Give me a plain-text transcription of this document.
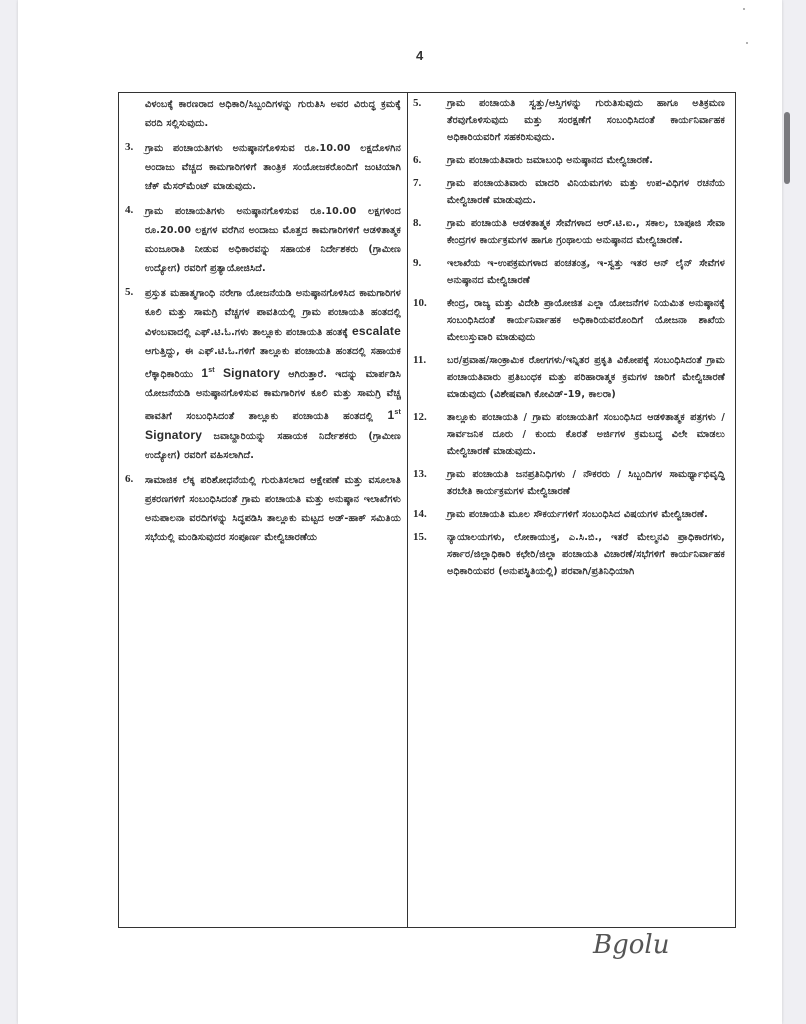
4
ವಿಳಂಬಕ್ಕೆ ಕಾರಣರಾದ ಅಧಿಕಾರಿ/ಸಿಬ್ಬಂದಿಗಳನ್ನು ಗುರುತಿಸಿ ಅವರ ವಿರುದ್ಧ ಕ್ರಮಕ್ಕೆ ವರದಿ ಸಲ್ಲಿಸುವುದು.
3.	ಗ್ರಾಮ ಪಂಚಾಯತಿಗಳು ಅನುಷ್ಠಾನಗೊಳಿಸುವ ರೂ.10.00 ಲಕ್ಷದೊಳಗಿನ ಅಂದಾಜು ವೆಚ್ಚದ ಕಾಮಗಾರಿಗಳಿಗೆ ತಾಂತ್ರಿಕ ಸಂಯೋಜಕರೊಂದಿಗೆ ಜಂಟಿಯಾಗಿ ಚೆಕ್ ಮೆಸರ್‌ಮೆಂಟ್ ಮಾಡುವುದು.
4.	ಗ್ರಾಮ ಪಂಚಾಯತಿಗಳು ಅನುಷ್ಠಾನಗೊಳಿಸುವ ರೂ.10.00 ಲಕ್ಷಗಳಿಂದ ರೂ.20.00 ಲಕ್ಷಗಳ ವರೆಗಿನ ಅಂದಾಜು ಮೊತ್ತದ ಕಾಮಗಾರಿಗಳಿಗೆ ಆಡಳಿತಾತ್ಮಕ ಮಂಜೂರಾತಿ ನೀಡುವ ಅಧಿಕಾರವನ್ನು ಸಹಾಯಕ ನಿರ್ದೇಶಕರು (ಗ್ರಾಮೀಣ ಉದ್ಯೋಗ) ರವರಿಗೆ ಪ್ರತ್ಯಾಯೋಜಿಸಿದೆ.
5.	ಪ್ರಸ್ತುತ ಮಹಾತ್ಮಗಾಂಧಿ ನರೇಗಾ ಯೋಜನೆಯಡಿ ಅನುಷ್ಠಾನಗೊಳಿಸಿದ ಕಾಮಗಾರಿಗಳ ಕೂಲಿ ಮತ್ತು ಸಾಮಗ್ರಿ ವೆಚ್ಚಗಳ ಪಾವತಿಯಲ್ಲಿ ಗ್ರಾಮ ಪಂಚಾಯತಿ ಹಂತದಲ್ಲಿ ವಿಳಂಬವಾದಲ್ಲಿ ಎಫ್.ಟಿ.ಓ.ಗಳು ತಾಲ್ಲೂಕು ಪಂಚಾಯತಿ ಹಂತಕ್ಕೆ escalate ಆಗುತ್ತಿದ್ದು, ಈ ಎಫ್.ಟಿ.ಓ.ಗಳಿಗೆ ತಾಲ್ಲೂಕು ಪಂಚಾಯತಿ ಹಂತದಲ್ಲಿ ಸಹಾಯಕ ಲೆಕ್ಕಾಧಿಕಾರಿಯು 1st Signatory ಆಗಿರುತ್ತಾರೆ. ಇದನ್ನು ಮಾರ್ಪಡಿಸಿ ಯೋಜನೆಯಡಿ ಅನುಷ್ಠಾನಗೊಳಿಸುವ ಕಾಮಗಾರಿಗಳ ಕೂಲಿ ಮತ್ತು ಸಾಮಗ್ರಿ ವೆಚ್ಚ ಪಾವತಿಗೆ ಸಂಬಂಧಿಸಿದಂತೆ ತಾಲ್ಲೂಕು ಪಂಚಾಯತಿ ಹಂತದಲ್ಲಿ 1st Signatory ಜವಾಬ್ದಾರಿಯನ್ನು ಸಹಾಯಕ ನಿರ್ದೇಶಕರು (ಗ್ರಾಮೀಣ ಉದ್ಯೋಗ) ರವರಿಗೆ ವಹಿಸಲಾಗಿದೆ.
6.	ಸಾಮಾಜಿಕ ಲೆಕ್ಕ ಪರಿಶೋಧನೆಯಲ್ಲಿ ಗುರುತಿಸಲಾದ ಆಕ್ಷೇಪಣೆ ಮತ್ತು ವಸೂಲಾತಿ ಪ್ರಕರಣಗಳಿಗೆ ಸಂಬಂಧಿಸಿದಂತೆ ಗ್ರಾಮ ಪಂಚಾಯತಿ ಮತ್ತು ಅನುಷ್ಠಾನ ಇಲಾಖೆಗಳು ಅನುಪಾಲನಾ ವರದಿಗಳನ್ನು ಸಿದ್ಧಪಡಿಸಿ ತಾಲ್ಲೂಕು ಮಟ್ಟದ ಅಡ್-ಹಾಕ್ ಸಮಿತಿಯ ಸಭೆಯಲ್ಲಿ ಮಂಡಿಸುವುದರ ಸಂಪೂರ್ಣ ಮೇಲ್ವಿಚಾರಣೆಯ
5.	ಗ್ರಾಮ ಪಂಚಾಯತಿ ಸ್ವತ್ತು/ಆಸ್ತಿಗಳನ್ನು ಗುರುತಿಸುವುದು ಹಾಗೂ ಅತಿಕ್ರಮಣ ತೆರವುಗೊಳಿಸುವುದು ಮತ್ತು ಸಂರಕ್ಷಣೆಗೆ ಸಂಬಂಧಿಸಿದಂತೆ ಕಾರ್ಯನಿರ್ವಾಹಕ ಅಧಿಕಾರಿಯವರಿಗೆ ಸಹಕರಿಸುವುದು.
6.	ಗ್ರಾಮ ಪಂಚಾಯತಿವಾರು ಜಮಾಬಂಧಿ ಅನುಷ್ಠಾನದ ಮೇಲ್ವಿಚಾರಣೆ.
7.	ಗ್ರಾಮ ಪಂಚಾಯತಿವಾರು ಮಾದರಿ ವಿನಿಯಮಗಳು ಮತ್ತು ಉಪ-ವಿಧಿಗಳ ರಚನೆಯ ಮೇಲ್ವಿಚಾರಣೆ ಮಾಡುವುದು.
8.	ಗ್ರಾಮ ಪಂಚಾಯತಿ ಆಡಳಿತಾತ್ಮಕ ಸೇವೆಗಳಾದ ಆರ್.ಟಿ.ಐ., ಸಕಾಲ, ಬಾಪೂಜಿ ಸೇವಾ ಕೇಂದ್ರಗಳ ಕಾರ್ಯಕ್ರಮಗಳ ಹಾಗೂ ಗ್ರಂಥಾಲಯ ಅನುಷ್ಠಾನದ ಮೇಲ್ವಿಚಾರಣೆ.
9.	ಇಲಾಖೆಯ ಇ-ಉಪಕ್ರಮಗಳಾದ ಪಂಚತಂತ್ರ, ಇ-ಸ್ವತ್ತು ಇತರ ಆನ್ ಲೈನ್ ಸೇವೆಗಳ ಅನುಷ್ಠಾನದ ಮೇಲ್ವಿಚಾರಣೆ
10.	ಕೇಂದ್ರ, ರಾಜ್ಯ ಮತ್ತು ವಿದೇಶಿ ಪ್ರಾಯೋಜಿತ ಎಲ್ಲಾ ಯೋಜನೆಗಳ ನಿಯಮಿತ ಅನುಷ್ಠಾನಕ್ಕೆ ಸಂಬಂಧಿಸಿದಂತೆ ಕಾರ್ಯನಿರ್ವಾಹಕ ಅಧಿಕಾರಿಯವರೊಂದಿಗೆ ಯೋಜನಾ ಶಾಖೆಯ ಮೇಲುಸ್ತುವಾರಿ ಮಾಡುವುದು
11.	ಬರ/ಪ್ರವಾಹ/ಸಾಂಕ್ರಾಮಿಕ ರೋಗಗಳು/ಇನ್ನಿತರ ಪ್ರಕೃತಿ ವಿಕೋಪಕ್ಕೆ ಸಂಬಂಧಿಸಿದಂತೆ ಗ್ರಾಮ ಪಂಚಾಯತಿವಾರು ಪ್ರತಿಬಂಧಕ ಮತ್ತು ಪರಿಹಾರಾತ್ಮಕ ಕ್ರಮಗಳ ಜಾರಿಗೆ ಮೇಲ್ವಿಚಾರಣೆ ಮಾಡುವುದು (ವಿಶೇಷವಾಗಿ ಕೋವಿಡ್-19, ಕಾಲರಾ)
12.	ತಾಲ್ಲೂಕು ಪಂಚಾಯತಿ / ಗ್ರಾಮ ಪಂಚಾಯತಿಗೆ ಸಂಬಂಧಿಸಿದ ಆಡಳಿತಾತ್ಮಕ ಪತ್ರಗಳು / ಸಾರ್ವಜನಿಕ ದೂರು / ಕುಂದು ಕೊರತೆ ಅರ್ಜಿಗಳ ಕ್ರಮಬದ್ಧ ವಿಲೇ ಮಾಡಲು ಮೇಲ್ವಿಚಾರಣೆ ಮಾಡುವುದು.
13.	ಗ್ರಾಮ ಪಂಚಾಯತಿ ಜನಪ್ರತಿನಿಧಿಗಳು / ನೌಕರರು / ಸಿಬ್ಬಂದಿಗಳ ಸಾಮರ್ಥ್ಯಾಭಿವೃದ್ಧಿ ತರಬೇತಿ ಕಾರ್ಯಕ್ರಮಗಳ ಮೇಲ್ವಿಚಾರಣೆ
14.	ಗ್ರಾಮ ಪಂಚಾಯತಿ ಮೂಲ ಸೌಕರ್ಯಗಳಿಗೆ ಸಂಬಂಧಿಸಿದ ವಿಷಯಗಳ ಮೇಲ್ವಿಚಾರಣೆ.
15.	ನ್ಯಾಯಾಲಯಗಳು, ಲೋಕಾಯುಕ್ತ, ಎ.ಸಿ.ಬಿ., ಇತರೆ ಮೇಲ್ಮನವಿ ಪ್ರಾಧಿಕಾರಗಳು, ಸರ್ಕಾರ/ಜಿಲ್ಲಾಧಿಕಾರಿ ಕಛೇರಿ/ಜಿಲ್ಲಾ ಪಂಚಾಯತಿ ವಿಚಾರಣೆ/ಸಭೆಗಳಿಗೆ ಕಾರ್ಯನಿರ್ವಾಹಕ ಅಧಿಕಾರಿಯವರ (ಅನುಪಸ್ಥಿತಿಯಲ್ಲಿ) ಪರವಾಗಿ/ಪ್ರತಿನಿಧಿಯಾಗಿ
Bgolu
